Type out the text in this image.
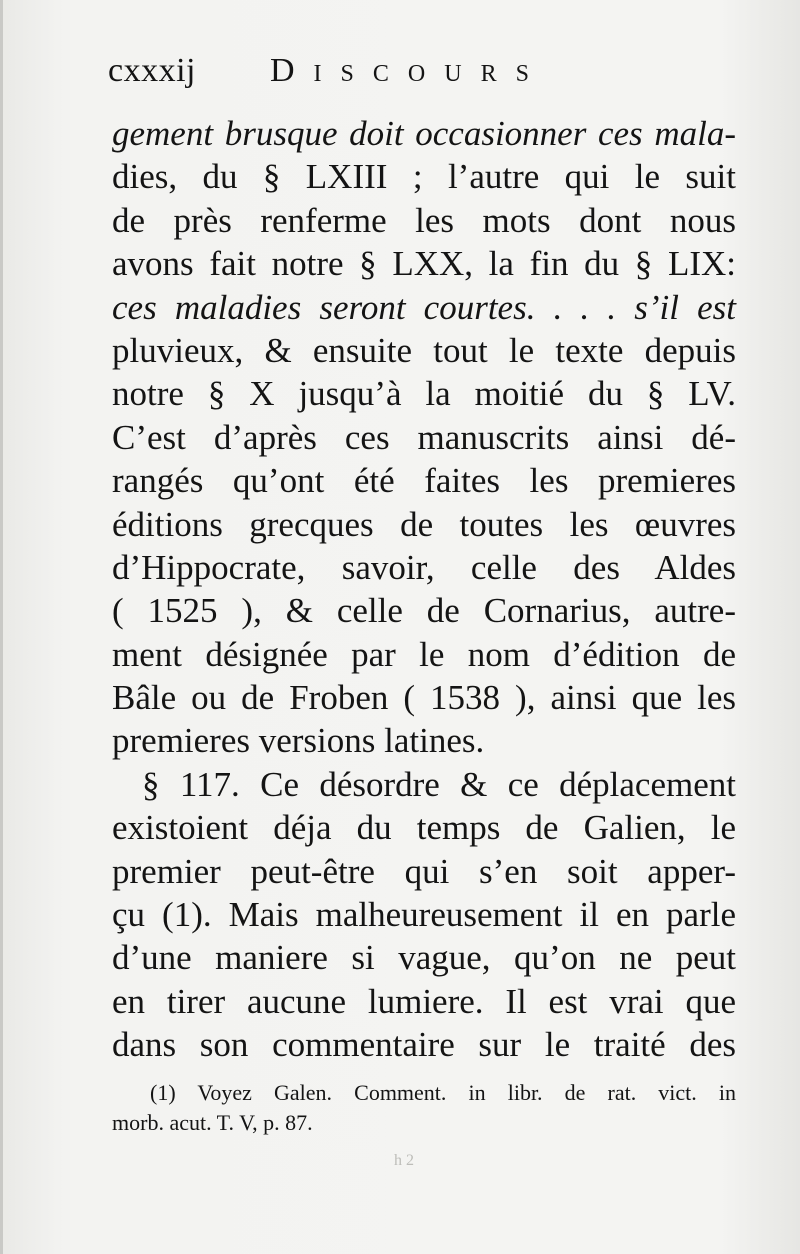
cxxxij Discours
gement brusque doit occasionner ces mala-
dies, du § LXIII ; l’autre qui le suit
de près renferme les mots dont nous
avons fait notre § LXX, la fin du § LIX:
ces maladies seront courtes. . . . s’il est
pluvieux, & ensuite tout le texte depuis
notre § X jusqu’à la moitié du § LV.
C’est d’après ces manuscrits ainsi dé-
rangés qu’ont été faites les premieres
éditions grecques de toutes les œuvres
d’Hippocrate, savoir, celle des Aldes
( 1525 ), & celle de Cornarius, autre-
ment désignée par le nom d’édition de
Bâle ou de Froben ( 1538 ), ainsi que les
premieres versions latines.
§ 117. Ce désordre & ce déplacement
existoient déja du temps de Galien, le
premier peut-être qui s’en soit apper-
çu (1). Mais malheureusement il en parle
d’une maniere si vague, qu’on ne peut
en tirer aucune lumiere. Il est vrai que
dans son commentaire sur le traité des
(1) Voyez Galen. Comment. in libr. de rat. vict. in
morb. acut. T. V, p. 87.
h 2
